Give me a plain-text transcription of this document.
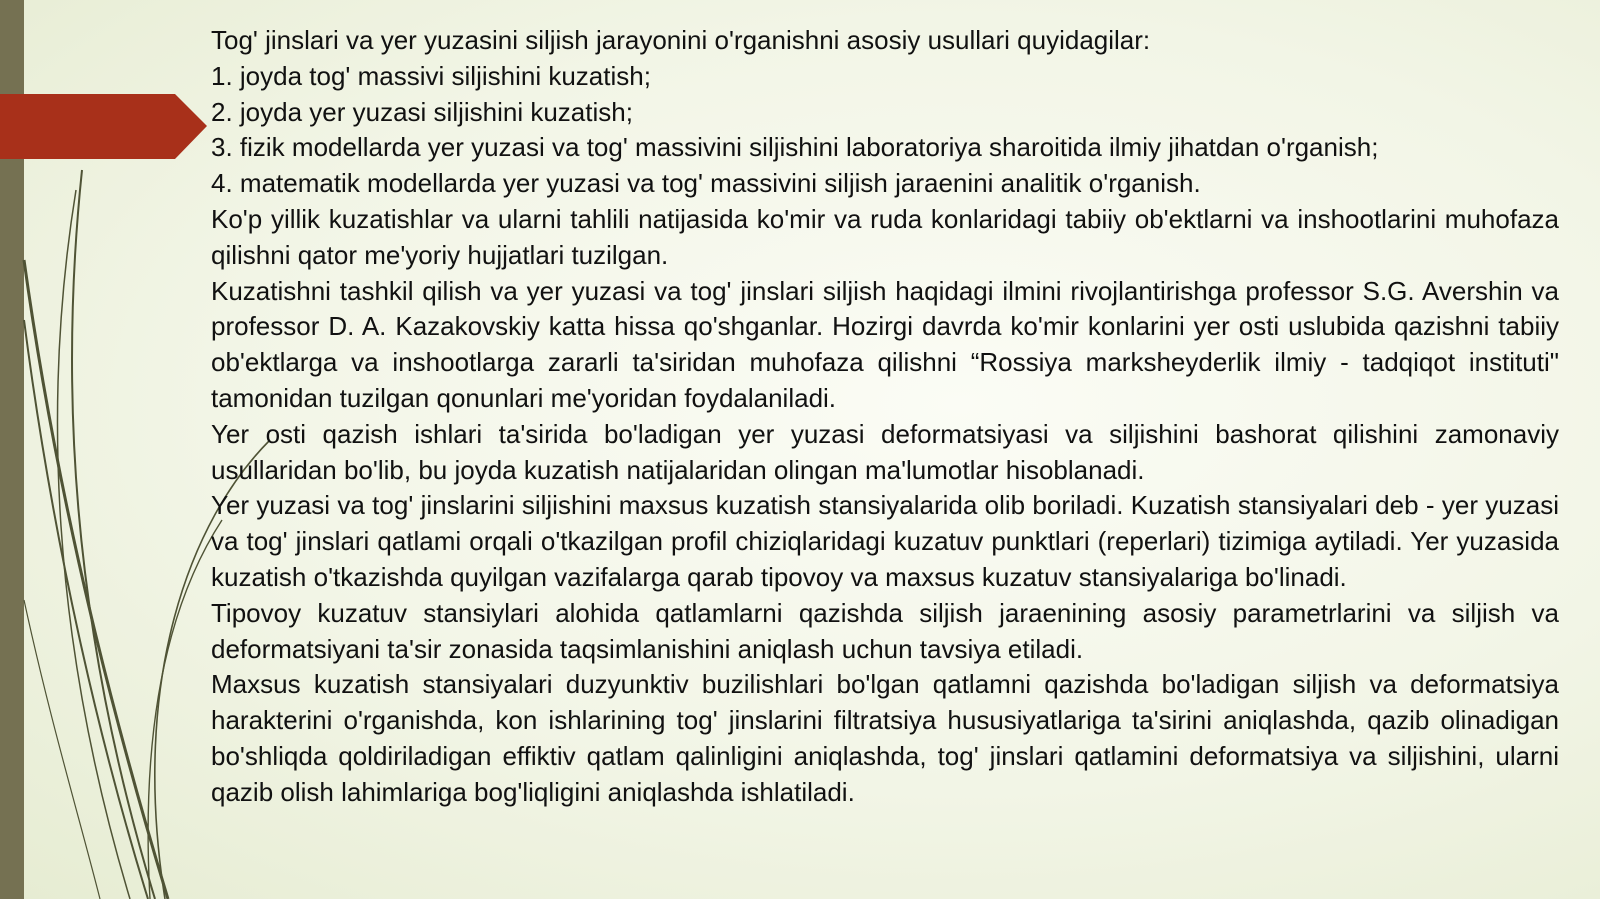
Tog' jinslari va yer yuzasini siljish jarayonini o'rganishni asosiy usullari quyidagilar:

1. joyda tog' massivi siljishini kuzatish;

2. joyda yer yuzasi siljishini kuzatish;

3. fizik modellarda yer yuzasi va tog' massivini siljishini laboratoriya sharoitida ilmiy jihatdan o'rganish;

4. matematik modellarda yer yuzasi va tog' massivini siljish jaraenini analitik o'rganish.

Ko'p yillik kuzatishlar va ularni tahlili natijasida ko'mir va ruda konlaridagi tabiiy ob'ektlarni va inshootlarini muhofaza qilishni qator me'yoriy hujjatlari tuzilgan.

Kuzatishni tashkil qilish va yer yuzasi va tog' jinslari siljish haqidagi ilmini rivojlantirishga professor S.G. Avershin va professor D. A. Kazakovskiy katta hissa qo'shganlar. Hozirgi davrda ko'mir konlarini yer osti uslubida qazishni tabiiy ob'ektlarga va inshootlarga zararli ta'siridan muhofaza qilishni “Rossiya marksheyderlik ilmiy - tadqiqot instituti" tamonidan tuzilgan qonunlari me'yoridan foydalaniladi.

Yer osti qazish ishlari ta'sirida bo'ladigan yer yuzasi deformatsiyasi va siljishini bashorat qilishini zamonaviy usullaridan bo'lib, bu joyda kuzatish natijalaridan olingan ma'lumotlar hisoblanadi.

Yer yuzasi va tog' jinslarini siljishini maxsus kuzatish stansiyalarida olib boriladi. Kuzatish stansiyalari deb - yer yuzasi va tog' jinslari qatlami orqali o'tkazilgan profil chiziqlaridagi kuzatuv punktlari (reperlari) tizimiga aytiladi. Yer yuzasida kuzatish o'tkazishda quyilgan vazifalarga qarab tipovoy va maxsus kuzatuv stansiyalariga bo'linadi.

Tipovoy kuzatuv stansiylari alohida qatlamlarni qazishda siljish jaraenining asosiy parametrlarini va siljish va deformatsiyani ta'sir zonasida taqsimlanishini aniqlash uchun tavsiya etiladi.

Maxsus kuzatish stansiyalari duzyunktiv buzilishlari bo'lgan qatlamni qazishda bo'ladigan siljish va deformatsiya harakterini o'rganishda, kon ishlarining tog' jinslarini filtratsiya hususiyatlariga ta'sirini aniqlashda, qazib olinadigan bo'shliqda qoldiriladigan effiktiv qatlam qalinligini aniqlashda, tog' jinslari qatlamini deformatsiya va siljishini, ularni qazib olish lahimlariga bog'liqligini aniqlashda ishlatiladi.
